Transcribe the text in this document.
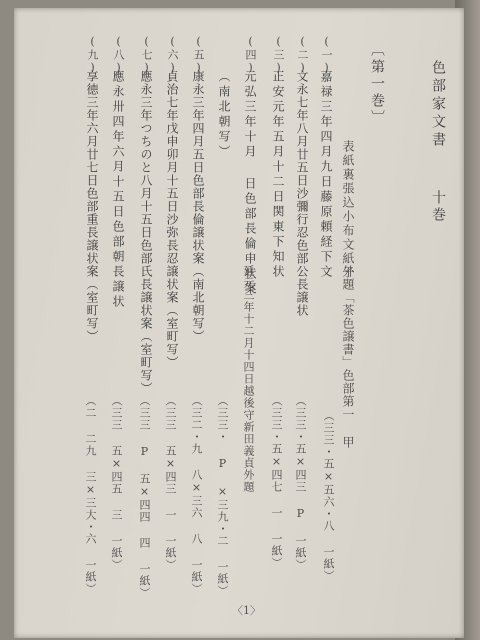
色部家文書
十巻
〔第一巻〕
表紙裏張込小布文紙子
外題「茶色譲書」色部第一 甲
（三三・五×五六・八 一紙）
(一)
嘉禄三年四月九日藤原頼経下文
(二)
文永七年八月廿五日沙彌行忍色部公長譲状
（三三・五×四三 P 一紙）
(三)
正安元年五月十二日関東下知状
（三三・五×四七 一 一紙）
(四)
元弘三年十月 日色部長倫申状案
延元三年十二月十四日越後守新田義貞外題
（南北朝写）
（三三・ P ×三九・二 一紙）
(五)
康永三年四月五日色部長倫譲状案（南北朝写）
（三二・九 八×三六 八 一紙）
(六)
貞治七年戊申卯月十五日沙弥長忍譲状案（室町写）
（三三 五×四三 一 一紙）
(七)
應永三年つちのと八月十五日色部氏長譲状案（室町写）
（三三 P 五×四四 四 一紙）
(八)
應永卅四年六月十五日色部朝長譲状
（三三 五×四五 三 一紙）
(九)
享徳三年六月廿七日色部重長譲状案（室町写）
（二 二九 三×三大・六 一紙）
〈1〉
